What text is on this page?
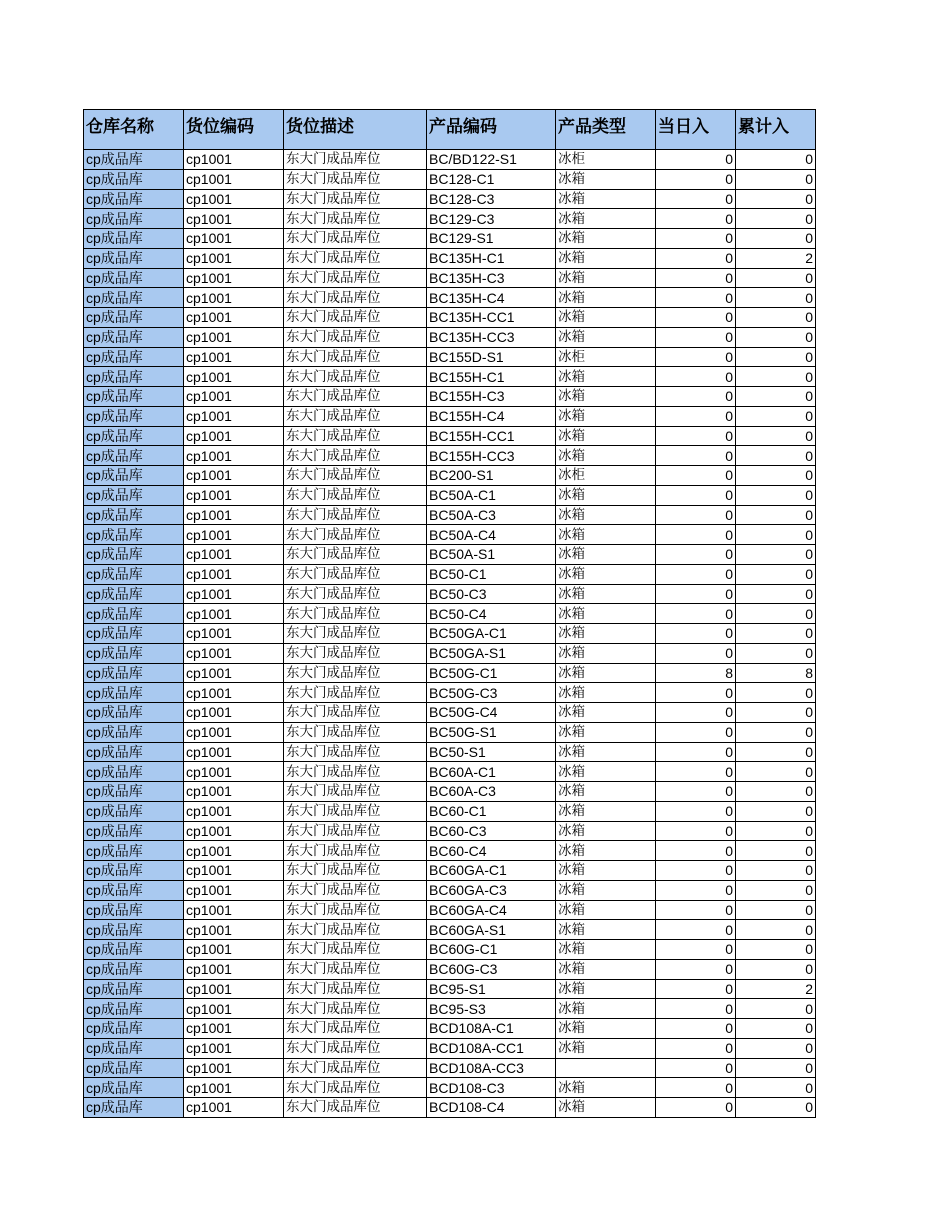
仓库名称	货位编码	货位描述	产品编码	产品类型	当日入	累计入
cp成品库	cp1001	东大门成品库位	BC/BD122-S1	冰柜	0	0
cp成品库	cp1001	东大门成品库位	BC128-C1	冰箱	0	0
cp成品库	cp1001	东大门成品库位	BC128-C3	冰箱	0	0
cp成品库	cp1001	东大门成品库位	BC129-C3	冰箱	0	0
cp成品库	cp1001	东大门成品库位	BC129-S1	冰箱	0	0
cp成品库	cp1001	东大门成品库位	BC135H-C1	冰箱	0	2
cp成品库	cp1001	东大门成品库位	BC135H-C3	冰箱	0	0
cp成品库	cp1001	东大门成品库位	BC135H-C4	冰箱	0	0
cp成品库	cp1001	东大门成品库位	BC135H-CC1	冰箱	0	0
cp成品库	cp1001	东大门成品库位	BC135H-CC3	冰箱	0	0
cp成品库	cp1001	东大门成品库位	BC155D-S1	冰柜	0	0
cp成品库	cp1001	东大门成品库位	BC155H-C1	冰箱	0	0
cp成品库	cp1001	东大门成品库位	BC155H-C3	冰箱	0	0
cp成品库	cp1001	东大门成品库位	BC155H-C4	冰箱	0	0
cp成品库	cp1001	东大门成品库位	BC155H-CC1	冰箱	0	0
cp成品库	cp1001	东大门成品库位	BC155H-CC3	冰箱	0	0
cp成品库	cp1001	东大门成品库位	BC200-S1	冰柜	0	0
cp成品库	cp1001	东大门成品库位	BC50A-C1	冰箱	0	0
cp成品库	cp1001	东大门成品库位	BC50A-C3	冰箱	0	0
cp成品库	cp1001	东大门成品库位	BC50A-C4	冰箱	0	0
cp成品库	cp1001	东大门成品库位	BC50A-S1	冰箱	0	0
cp成品库	cp1001	东大门成品库位	BC50-C1	冰箱	0	0
cp成品库	cp1001	东大门成品库位	BC50-C3	冰箱	0	0
cp成品库	cp1001	东大门成品库位	BC50-C4	冰箱	0	0
cp成品库	cp1001	东大门成品库位	BC50GA-C1	冰箱	0	0
cp成品库	cp1001	东大门成品库位	BC50GA-S1	冰箱	0	0
cp成品库	cp1001	东大门成品库位	BC50G-C1	冰箱	8	8
cp成品库	cp1001	东大门成品库位	BC50G-C3	冰箱	0	0
cp成品库	cp1001	东大门成品库位	BC50G-C4	冰箱	0	0
cp成品库	cp1001	东大门成品库位	BC50G-S1	冰箱	0	0
cp成品库	cp1001	东大门成品库位	BC50-S1	冰箱	0	0
cp成品库	cp1001	东大门成品库位	BC60A-C1	冰箱	0	0
cp成品库	cp1001	东大门成品库位	BC60A-C3	冰箱	0	0
cp成品库	cp1001	东大门成品库位	BC60-C1	冰箱	0	0
cp成品库	cp1001	东大门成品库位	BC60-C3	冰箱	0	0
cp成品库	cp1001	东大门成品库位	BC60-C4	冰箱	0	0
cp成品库	cp1001	东大门成品库位	BC60GA-C1	冰箱	0	0
cp成品库	cp1001	东大门成品库位	BC60GA-C3	冰箱	0	0
cp成品库	cp1001	东大门成品库位	BC60GA-C4	冰箱	0	0
cp成品库	cp1001	东大门成品库位	BC60GA-S1	冰箱	0	0
cp成品库	cp1001	东大门成品库位	BC60G-C1	冰箱	0	0
cp成品库	cp1001	东大门成品库位	BC60G-C3	冰箱	0	0
cp成品库	cp1001	东大门成品库位	BC95-S1	冰箱	0	2
cp成品库	cp1001	东大门成品库位	BC95-S3	冰箱	0	0
cp成品库	cp1001	东大门成品库位	BCD108A-C1	冰箱	0	0
cp成品库	cp1001	东大门成品库位	BCD108A-CC1	冰箱	0	0
cp成品库	cp1001	东大门成品库位	BCD108A-CC3		0	0
cp成品库	cp1001	东大门成品库位	BCD108-C3	冰箱	0	0
cp成品库	cp1001	东大门成品库位	BCD108-C4	冰箱	0	0
